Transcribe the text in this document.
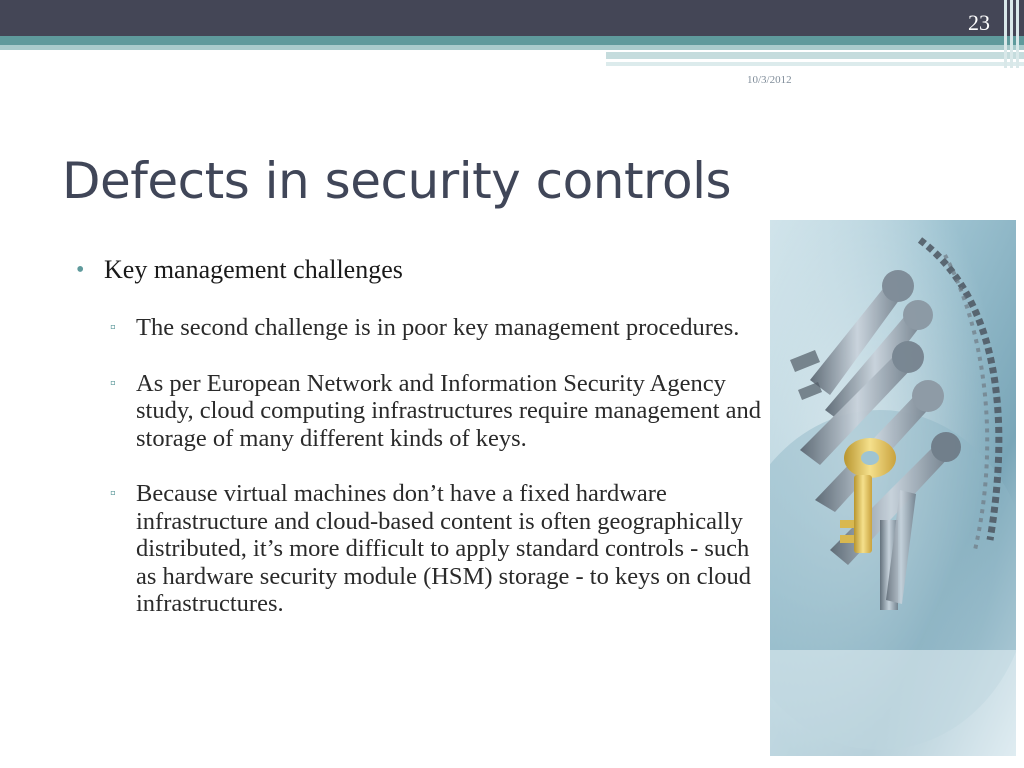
23
10/3/2012
Defects in security controls
• Key management challenges
▫ The second challenge is in poor key management procedures.
▫ As per European Network and Information Security Agency study, cloud computing infrastructures require management and storage of many different kinds of keys.
▫ Because virtual machines don’t have a fixed hardware infrastructure and cloud-based content is often geographically distributed, it’s more difficult to apply standard controls - such as hardware security module (HSM) storage - to keys on cloud infrastructures.
